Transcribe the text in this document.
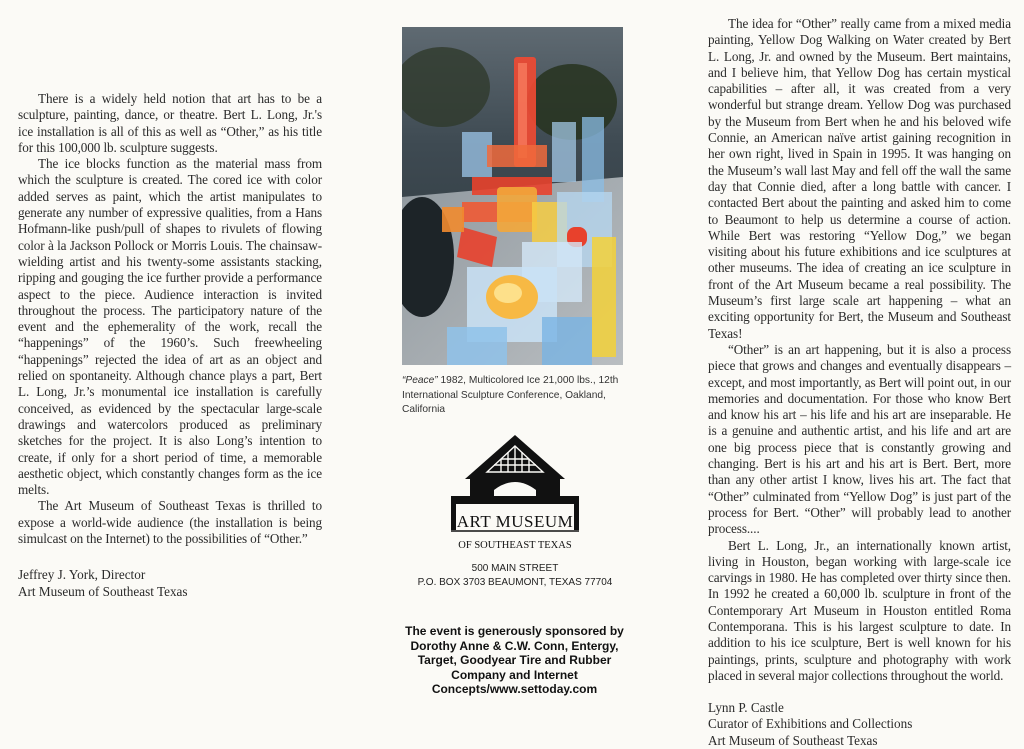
There is a widely held notion that art has to be a sculpture, painting, dance, or theatre. Bert L. Long, Jr.'s ice installation is all of this as well as “Other,” as his title for this 100,000 lb. sculpture suggests.

The ice blocks function as the material mass from which the sculpture is created. The cored ice with color added serves as paint, which the artist manipulates to generate any number of expressive qualities, from a Hans Hofmann-like push/pull of shapes to rivulets of flowing color à la Jackson Pollock or Morris Louis. The chainsaw-wielding artist and his twenty-some assistants stacking, ripping and gouging the ice further provide a performance aspect to the piece. Audience interaction is invited throughout the process. The participatory nature of the event and the ephemerality of the work, recall the “happenings” of the 1960’s. Such freewheeling “happenings” rejected the idea of art as an object and relied on spontaneity. Although chance plays a part, Bert L. Long, Jr.’s monumental ice installation is carefully conceived, as evidenced by the spectacular large-scale drawings and watercolors produced as preliminary sketches for the project. It is also Long’s intention to create, if only for a short period of time, a memorable aesthetic object, which constantly changes form as the ice melts.

The Art Museum of Southeast Texas is thrilled to expose a world-wide audience (the installation is being simulcast on the Internet) to the possibilities of “Other.”

Jeffrey J. York, Director

Art Museum of Southeast Texas

“Peace” 1982, Multicolored Ice 21,000 lbs., 12th International Sculpture Conference, Oakland, California
ART MUSEUM
OF SOUTHEAST TEXAS
500 MAIN STREET
P.O. BOX 3703 BEAUMONT, TEXAS 77704
The event is generously sponsored by Dorothy Anne & C.W. Conn, Entergy, Target, Goodyear Tire and Rubber Company and Internet Concepts/www.settoday.com

The idea for “Other” really came from a mixed media painting, Yellow Dog Walking on Water created by Bert L. Long, Jr. and owned by the Museum. Bert maintains, and I believe him, that Yellow Dog has certain mystical capabilities – after all, it was created from a very wonderful but strange dream. Yellow Dog was purchased by the Museum from Bert when he and his beloved wife Connie, an American naïve artist gaining recognition in her own right, lived in Spain in 1995. It was hanging on the Museum’s wall last May and fell off the wall the same day that Connie died, after a long battle with cancer. I contacted Bert about the painting and asked him to come to Beaumont to help us determine a course of action. While Bert was restoring “Yellow Dog,” we began visiting about his future exhibitions and ice sculptures at other museums. The idea of creating an ice sculpture in front of the Art Museum became a real possibility. The Museum’s first large scale art happening – what an exciting opportunity for Bert, the Museum and Southeast Texas!

“Other” is an art happening, but it is also a process piece that grows and changes and eventually disappears – except, and most importantly, as Bert will point out, in our memories and documentation. For those who know Bert and know his art – his life and his art are inseparable. He is a genuine and authentic artist, and his life and art are one big process piece that is constantly growing and changing. Bert is his art and his art is Bert. Bert, more than any other artist I know, lives his art. The fact that “Other” culminated from “Yellow Dog” is just part of the process for Bert. “Other” will probably lead to another process....

Bert L. Long, Jr., an internationally known artist, living in Houston, began working with large-scale ice carvings in 1980. He has completed over thirty since then. In 1992 he created a 60,000 lb. sculpture in front of the Contemporary Art Museum in Houston entitled Roma Contemporana. This is his largest sculpture to date. In addition to his ice sculpture, Bert is well known for his paintings, prints, sculpture and photography with work placed in several major collections throughout the world.

Lynn P. Castle

Curator of Exhibitions and Collections

Art Museum of Southeast Texas
